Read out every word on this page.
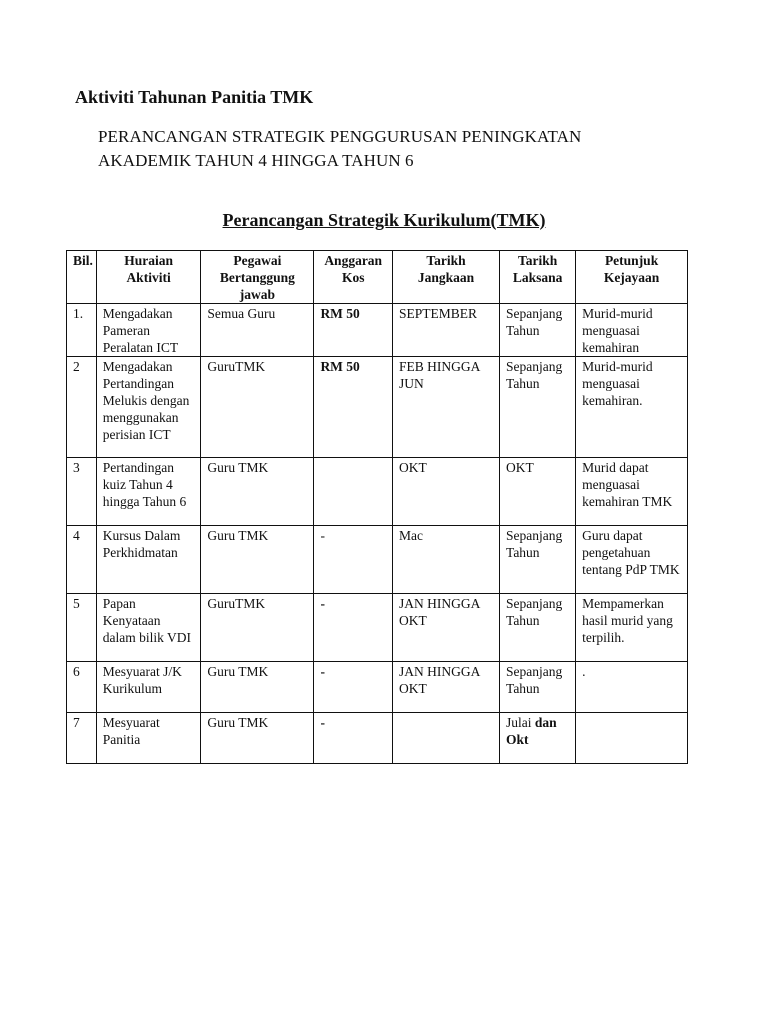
Aktiviti Tahunan Panitia TMK

PERANCANGAN STRATEGIK PENGGURUSAN PENINGKATAN
AKADEMIK TAHUN 4 HINGGA TAHUN 6

Perancangan Strategik Kurikulum(TMK)
Bil.	Huraian Aktiviti	Pegawai Bertanggung jawab	Anggaran Kos	Tarikh Jangkaan	Tarikh Laksana	Petunjuk Kejayaan
1.	Mengadakan Pameran Peralatan ICT	Semua Guru	RM 50	SEPTEMBER	Sepanjang Tahun	Murid-murid menguasai kemahiran
2	Mengadakan Pertandingan Melukis dengan menggunakan perisian ICT	GuruTMK	RM 50	FEB HINGGA JUN	Sepanjang Tahun	Murid-murid menguasai kemahiran.
3	Pertandingan kuiz Tahun 4 hingga Tahun 6	Guru TMK		OKT	OKT	Murid dapat menguasai kemahiran TMK
4	Kursus Dalam Perkhidmatan	Guru TMK	-	Mac	Sepanjang Tahun	Guru dapat pengetahuan tentang PdP TMK
5	Papan Kenyataan dalam bilik VDI	GuruTMK	-	JAN HINGGA OKT	Sepanjang Tahun	Mempamerkan hasil murid yang terpilih.
6	Mesyuarat J/K Kurikulum	Guru TMK	-	JAN HINGGA OKT	Sepanjang Tahun	.
7	Mesyuarat Panitia	Guru TMK	-		Julai dan Okt	
